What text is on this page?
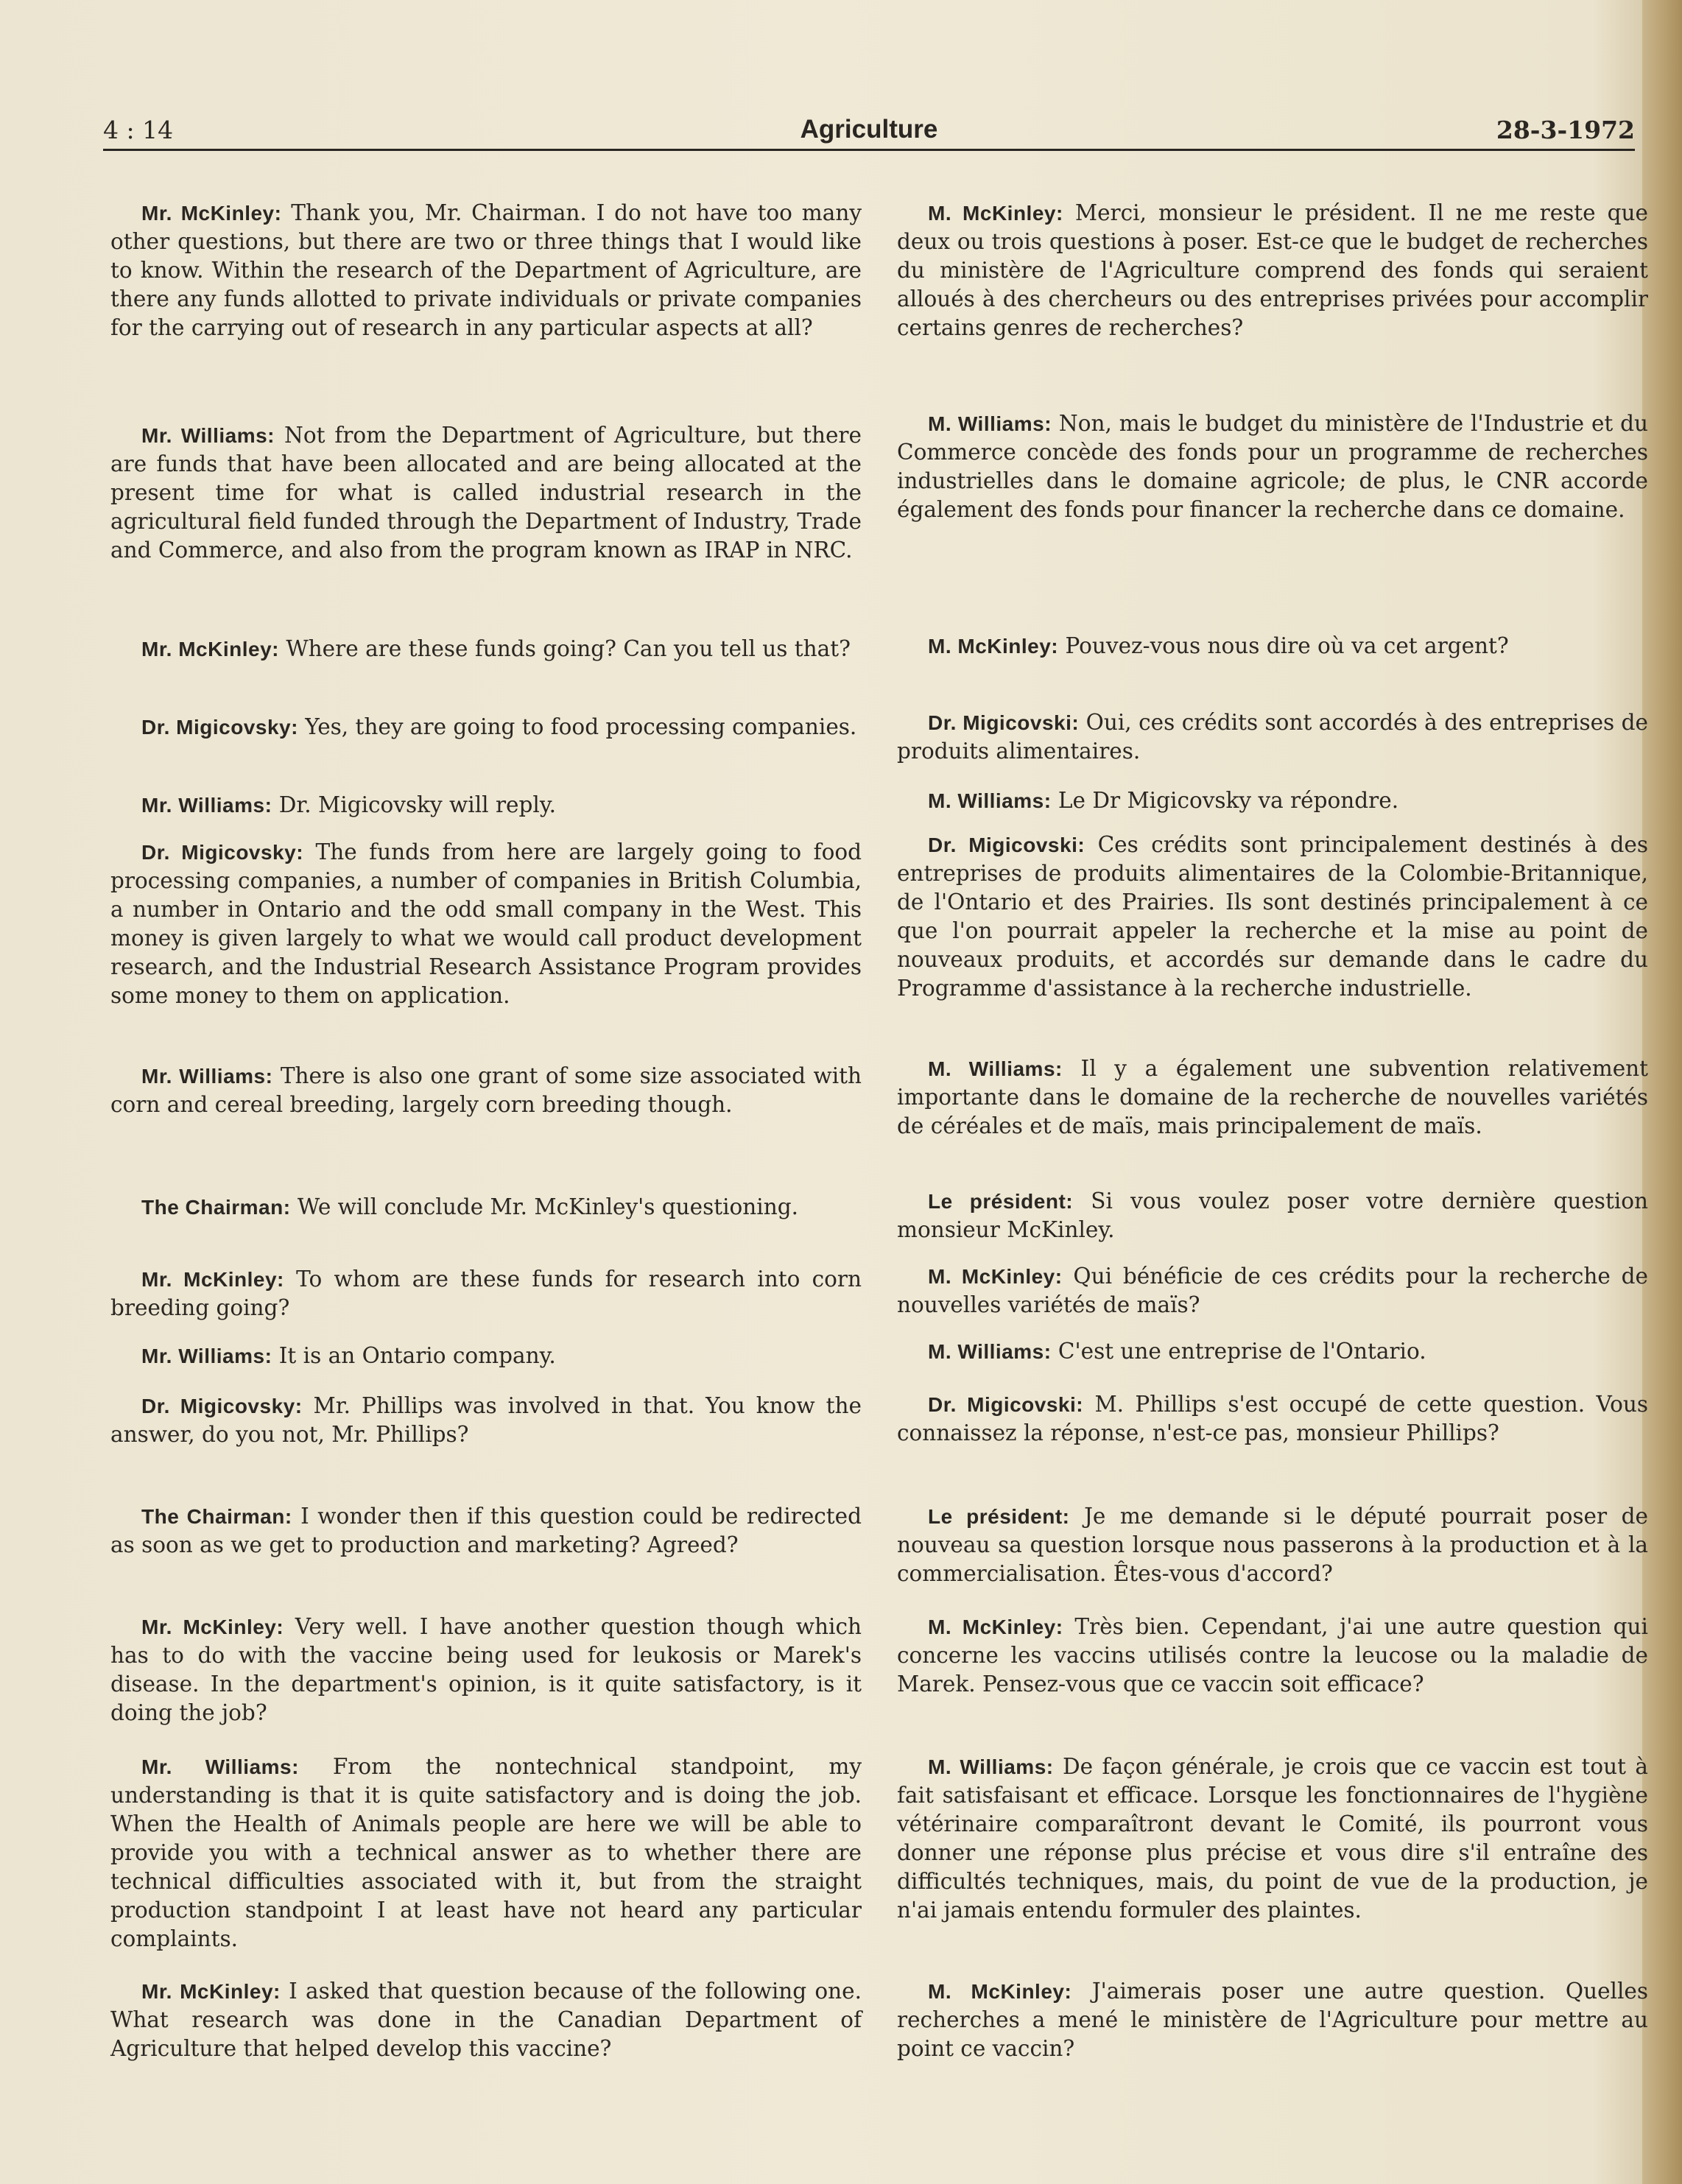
4 : 14	Agriculture	28-3-1972

Mr. McKinley: Thank you, Mr. Chairman. I do not have too many other questions, but there are two or three things that I would like to know. Within the research of the Department of Agriculture, are there any funds allotted to private individuals or private companies for the carrying out of research in any particular aspects at all?

Mr. Williams: Not from the Department of Agriculture, but there are funds that have been allocated and are being allocated at the present time for what is called industrial research in the agricultural field funded through the Department of Industry, Trade and Commerce, and also from the program known as IRAP in NRC.

Mr. McKinley: Where are these funds going? Can you tell us that?

Dr. Migicovsky: Yes, they are going to food processing companies.

Mr. Williams: Dr. Migicovsky will reply.

Dr. Migicovsky: The funds from here are largely going to food processing companies, a number of companies in British Columbia, a number in Ontario and the odd small company in the West. This money is given largely to what we would call product development research, and the Industrial Research Assistance Program provides some money to them on application.

Mr. Williams: There is also one grant of some size associated with corn and cereal breeding, largely corn breeding though.

The Chairman: We will conclude Mr. McKinley's questioning.

Mr. McKinley: To whom are these funds for research into corn breeding going?

Mr. Williams: It is an Ontario company.

Dr. Migicovsky: Mr. Phillips was involved in that. You know the answer, do you not, Mr. Phillips?

The Chairman: I wonder then if this question could be redirected as soon as we get to production and marketing? Agreed?

Mr. McKinley: Very well. I have another question though which has to do with the vaccine being used for leukosis or Marek's disease. In the department's opinion, is it quite satisfactory, is it doing the job?

Mr. Williams: From the nontechnical standpoint, my understanding is that it is quite satisfactory and is doing the job. When the Health of Animals people are here we will be able to provide you with a technical answer as to whether there are technical difficulties associated with it, but from the straight production standpoint I at least have not heard any particular complaints.

Mr. McKinley: I asked that question because of the following one. What research was done in the Canadian Department of Agriculture that helped develop this vaccine?

M. McKinley: Merci, monsieur le président. Il ne me reste que deux ou trois questions à poser. Est-ce que le budget de recherches du ministère de l'Agriculture comprend des fonds qui seraient alloués à des chercheurs ou des entreprises privées pour accomplir certains genres de recherches?

M. Williams: Non, mais le budget du ministère de l'Industrie et du Commerce concède des fonds pour un programme de recherches industrielles dans le domaine agricole; de plus, le CNR accorde également des fonds pour financer la recherche dans ce domaine.

M. McKinley: Pouvez-vous nous dire où va cet argent?

Dr. Migicovski: Oui, ces crédits sont accordés à des entreprises de produits alimentaires.

M. Williams: Le Dr Migicovsky va répondre.

Dr. Migicovski: Ces crédits sont principalement destinés à des entreprises de produits alimentaires de la Colombie-Britannique, de l'Ontario et des Prairies. Ils sont destinés principalement à ce que l'on pourrait appeler la recherche et la mise au point de nouveaux produits, et accordés sur demande dans le cadre du Programme d'assistance à la recherche industrielle.

M. Williams: Il y a également une subvention relativement importante dans le domaine de la recherche de nouvelles variétés de céréales et de maïs, mais principalement de maïs.

Le président: Si vous voulez poser votre dernière question monsieur McKinley.

M. McKinley: Qui bénéficie de ces crédits pour la recherche de nouvelles variétés de maïs?

M. Williams: C'est une entreprise de l'Ontario.

Dr. Migicovski: M. Phillips s'est occupé de cette question. Vous connaissez la réponse, n'est-ce pas, monsieur Phillips?

Le président: Je me demande si le député pourrait poser de nouveau sa question lorsque nous passerons à la production et à la commercialisation. Êtes-vous d'accord?

M. McKinley: Très bien. Cependant, j'ai une autre question qui concerne les vaccins utilisés contre la leucose ou la maladie de Marek. Pensez-vous que ce vaccin soit efficace?

M. Williams: De façon générale, je crois que ce vaccin est tout à fait satisfaisant et efficace. Lorsque les fonctionnaires de l'hygiène vétérinaire comparaîtront devant le Comité, ils pourront vous donner une réponse plus précise et vous dire s'il entraîne des difficultés techniques, mais, du point de vue de la production, je n'ai jamais entendu formuler des plaintes.

M. McKinley: J'aimerais poser une autre question. Quelles recherches a mené le ministère de l'Agriculture pour mettre au point ce vaccin?
